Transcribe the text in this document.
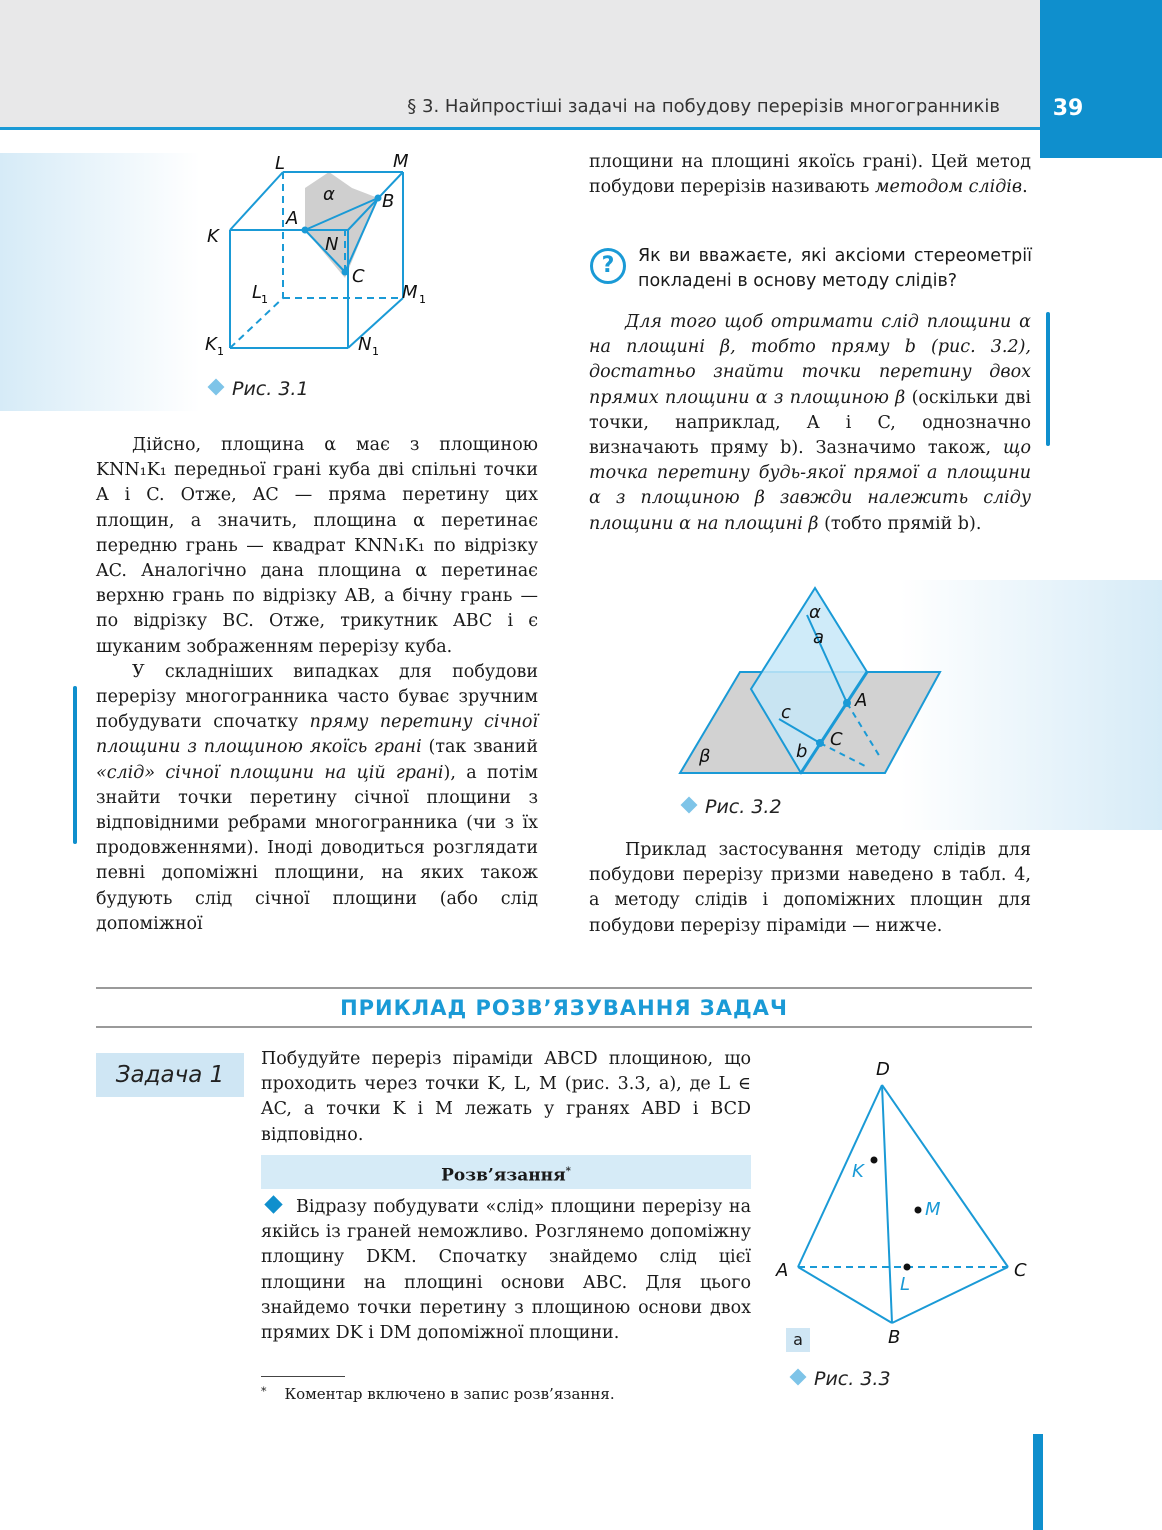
§ 3. Найпростіші задачі на побудову перерізів многогранників	39
L	M
K
A
B
N
C
α
L
1	M 1
K 1	N 1
Рис. 3.1

Дійсно, площина α має з площиною KNN₁K₁ передньої грані куба дві спільні точки A і C. Отже, AC — пряма перетину цих площин, а значить, площина α перетинає передню грань — квадрат KNN₁K₁ по відрізку AC. Аналогічно дана площина α перетинає верхню грань по відрізку AB, а бічну грань — по відрізку BC. Отже, трикутник ABC і є шуканим зображенням перерізу куба.

У складніших випадках для побудови перерізу многогранника часто буває зручним побудувати спочатку пряму перетину січної площини з площиною якоїсь грані (так званий «слід» січної площини на цій грані), а потім знайти точки перетину січної площини з відповідними ребрами многогранника (чи з їх продовженнями). Іноді доводиться розглядати певні допоміжні площини, на яких також будують слід січної площини (або слід допоміжної

площини на площині якоїсь грані). Цей метод побудови перерізів називають методом слідів.

?	Як ви вважаєте, які аксіоми стереометрії покладені в основу методу слідів?

Для того щоб отримати слід площини α на площині β, тобто пряму b (рис. 3.2), достатньо знайти точки перетину двох прямих площини α з площиною β (оскільки дві точки, наприклад, A і C, однозначно визначають пряму b). Зазначимо також, що точка перетину будь-якої прямої a площини α з площиною β завжди належить сліду площини α на площині β (тобто прямій b).

α
a
A
c
C
b
β
Рис. 3.2

Приклад застосування методу слідів для побудови перерізу призми наведено в табл. 4, а методу слідів і допоміжних площин для побудови перерізу піраміди — нижче.

ПРИКЛАД РОЗВ’ЯЗУВАННЯ ЗАДАЧ
Задача 1
Побудуйте переріз піраміди ABCD площиною, що проходить через точки K, L, M (рис. 3.3, а), де L ∈ AC, а точки K і M лежать у гранях ABD і BCD відповідно.
Розв’язання*

Відразу побудувати «слід» площини перерізу на якійсь із граней неможливо. Розглянемо допоміжну площину DKM. Спочатку знайдемо слід цієї площини на площині основи ABC. Для цього знайдемо точки перетину з площиною основи двох прямих DK і DM допоміжної площини.

* Коментар включено в запис розв’язання.
D
K
M
A	C
L
B
а
Рис. 3.3
